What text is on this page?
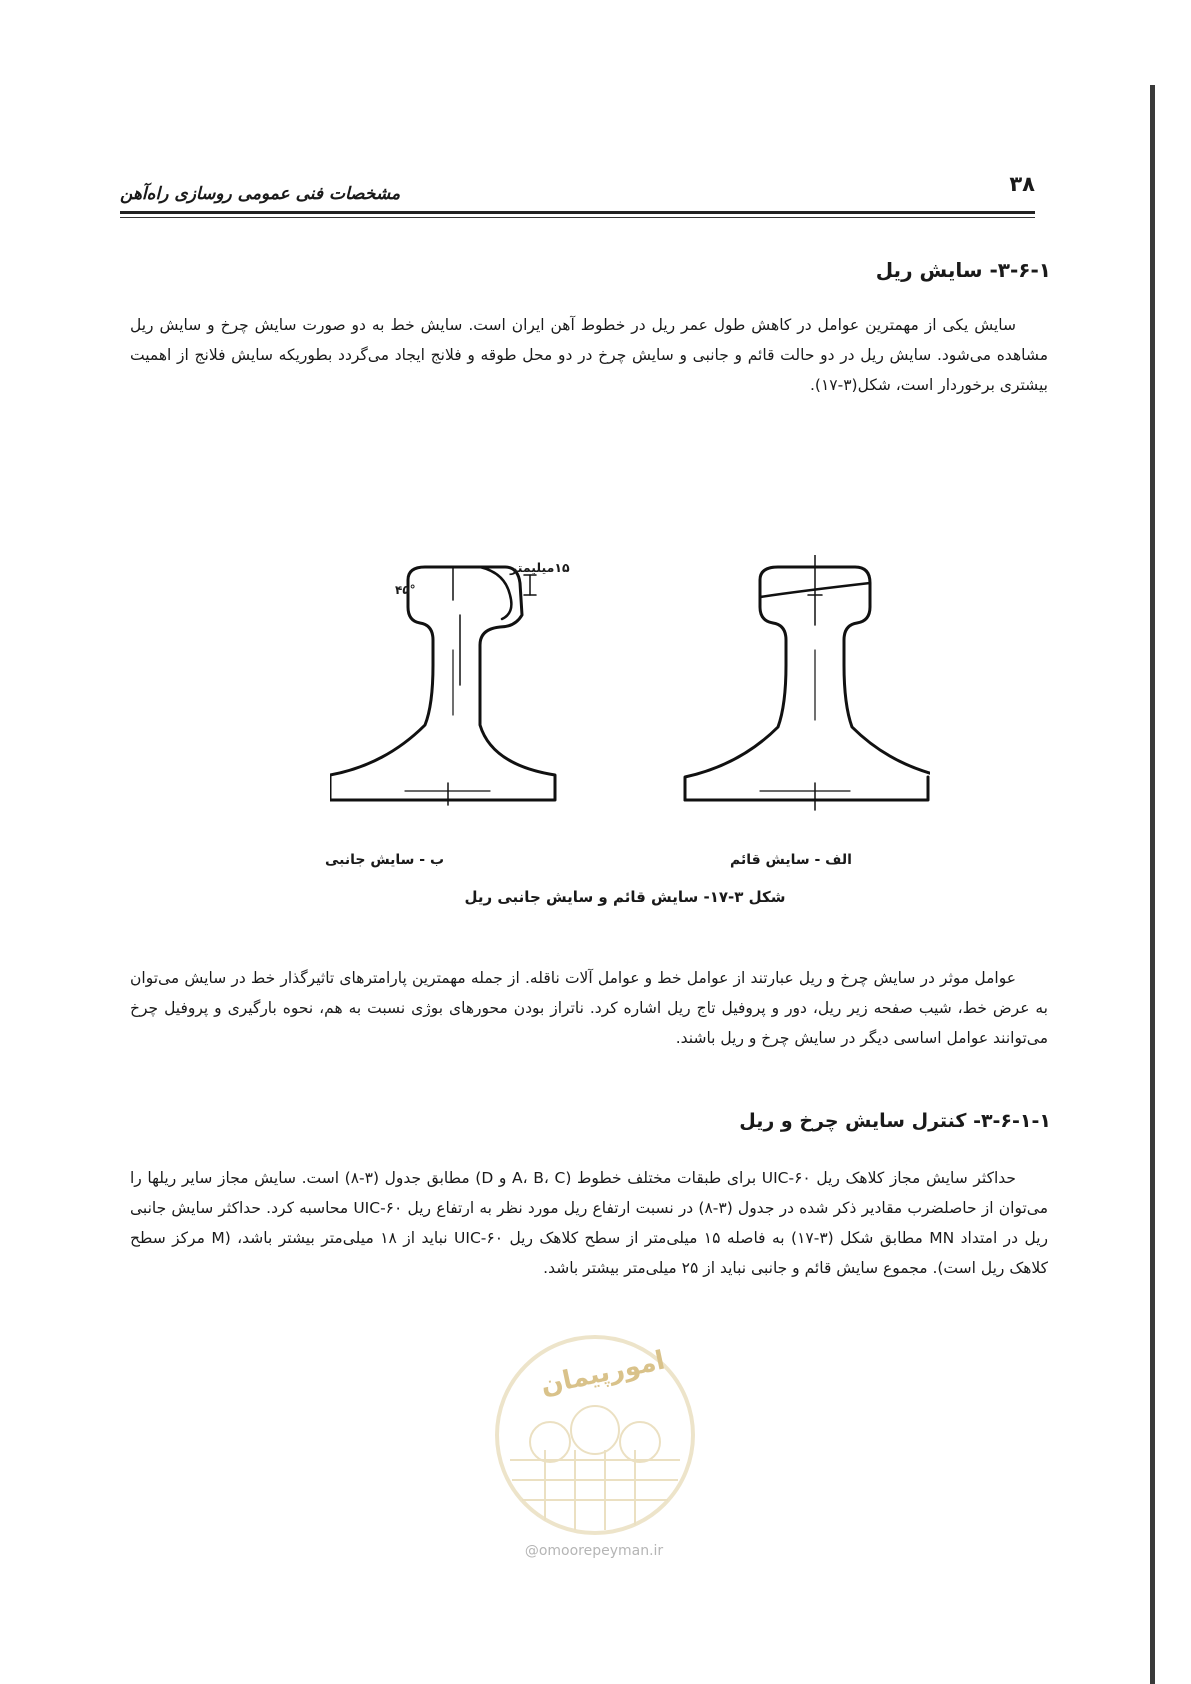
۳۸
مشخصات فنی عمومی روسازی راه‌آهن
۳-۶-۱- سایش ریل

سایش یکی از مهمترین عوامل در کاهش طول عمر ریل در خطوط آهن ایران است. سایش خط به دو صورت سایش چرخ و سایش ریل مشاهده می‌شود. سایش ریل در دو حالت قائم و جانبی و سایش چرخ در دو محل طوقه و فلانج ایجاد می‌گردد بطوریکه سایش فلانج از اهمیت بیشتری برخوردار است، شکل(۳-۱۷).

۱۵میلیمتر
۴۵°
الف - سایش قائم
ب - سایش جانبی
شکل ۳-۱۷- سایش قائم و سایش جانبی ریل

عوامل موثر در سایش چرخ و ریل عبارتند از عوامل خط و عوامل آلات ناقله. از جمله مهمترین پارامترهای تاثیرگذار خط در سایش می‌توان به عرض خط، شیب صفحه زیر ریل، دور و پروفیل تاج ریل اشاره کرد. ناتراز بودن محورهای بوژی نسبت به هم، نحوه بارگیری و پروفیل چرخ می‌توانند عوامل اساسی دیگر در سایش چرخ و ریل باشند.

۳-۶-۱-۱- کنترل سایش چرخ و ریل

حداکثر سایش مجاز کلاهک ریل UIC-۶۰ برای طبقات مختلف خطوط (A، B، C و D) مطابق جدول (۳-۸) است. سایش مجاز سایر ریلها را می‌توان از حاصلضرب مقادیر ذکر شده در جدول (۳-۸) در نسبت ارتفاع ریل مورد نظر به ارتفاع ریل UIC-۶۰ محاسبه کرد. حداکثر سایش جانبی ریل در امتداد MN مطابق شکل (۳-۱۷) به فاصله ۱۵ میلی‌متر از سطح کلاهک ریل UIC-۶۰ نباید از ۱۸ میلی‌متر بیشتر باشد، (M مرکز سطح کلاهک ریل است). مجموع سایش قائم و جانبی نباید از ۲۵ میلی‌متر بیشتر باشد.

امورپیمان
@omoorepeyman.ir
